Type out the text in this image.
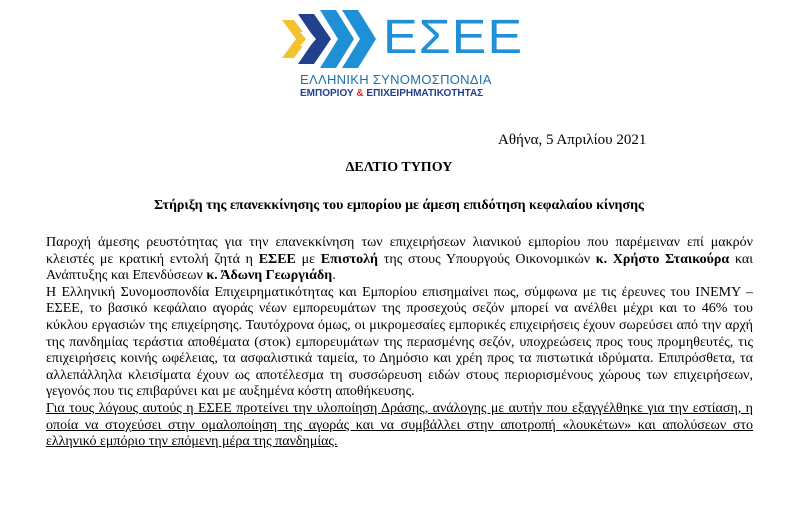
ΕΣΕΕ
ΕΛΛΗΝΙΚΗ ΣΥΝΟΜΟΣΠΟΝΔΙΑ
ΕΜΠΟΡΙΟΥ & ΕΠΙΧΕΙΡΗΜΑΤΙΚΟΤΗΤΑΣ
Αθήνα, 5 Απριλίου 2021
ΔΕΛΤΙΟ ΤΥΠΟΥ
Στήριξη της επανεκκίνησης του εμπορίου με άμεση επιδότηση κεφαλαίου κίνησης

Παροχή άμεσης ρευστότητας για την επανεκκίνηση των επιχειρήσεων λιανικού εμπορίου που παρέμειναν επί μακρόν κλειστές με κρατική εντολή ζητά η ΕΣΕΕ με Επιστολή της στους Υπουργούς Οικονομικών κ. Χρήστο Σταικούρα και Ανάπτυξης και Επενδύσεων κ. Άδωνη Γεωργιάδη.

Η Ελληνική Συνομοσπονδία Επιχειρηματικότητας και Εμπορίου επισημαίνει πως, σύμφωνα με τις έρευνες του ΙΝΕΜΥ – ΕΣΕΕ, το βασικό κεφάλαιο αγοράς νέων εμπορευμάτων της προσεχούς σεζόν μπορεί να ανέλθει μέχρι και το 46% του κύκλου εργασιών της επιχείρησης. Ταυτόχρονα όμως, οι μικρομεσαίες εμπορικές επιχειρήσεις έχουν σωρεύσει από την αρχή της πανδημίας τεράστια αποθέματα (στοκ) εμπορευμάτων της περασμένης σεζόν, υποχρεώσεις προς τους προμηθευτές, τις επιχειρήσεις κοινής ωφέλειας, τα ασφαλιστικά ταμεία, το Δημόσιο και χρέη προς τα πιστωτικά ιδρύματα. Επιπρόσθετα, τα αλλεπάλληλα κλεισίματα έχουν ως αποτέλεσμα τη συσσώρευση ειδών στους περιορισμένους χώρους των επιχειρήσεων, γεγονός που τις επιβαρύνει και με αυξημένα κόστη αποθήκευσης.

Για τους λόγους αυτούς η ΕΣΕΕ προτείνει την υλοποίηση Δράσης, ανάλογης με αυτήν που εξαγγέλθηκε για την εστίαση, η οποία να στοχεύσει στην ομαλοποίηση της αγοράς και να συμβάλλει στην αποτροπή «λουκέτων» και απολύσεων στο ελληνικό εμπόριο την επόμενη μέρα της πανδημίας.
